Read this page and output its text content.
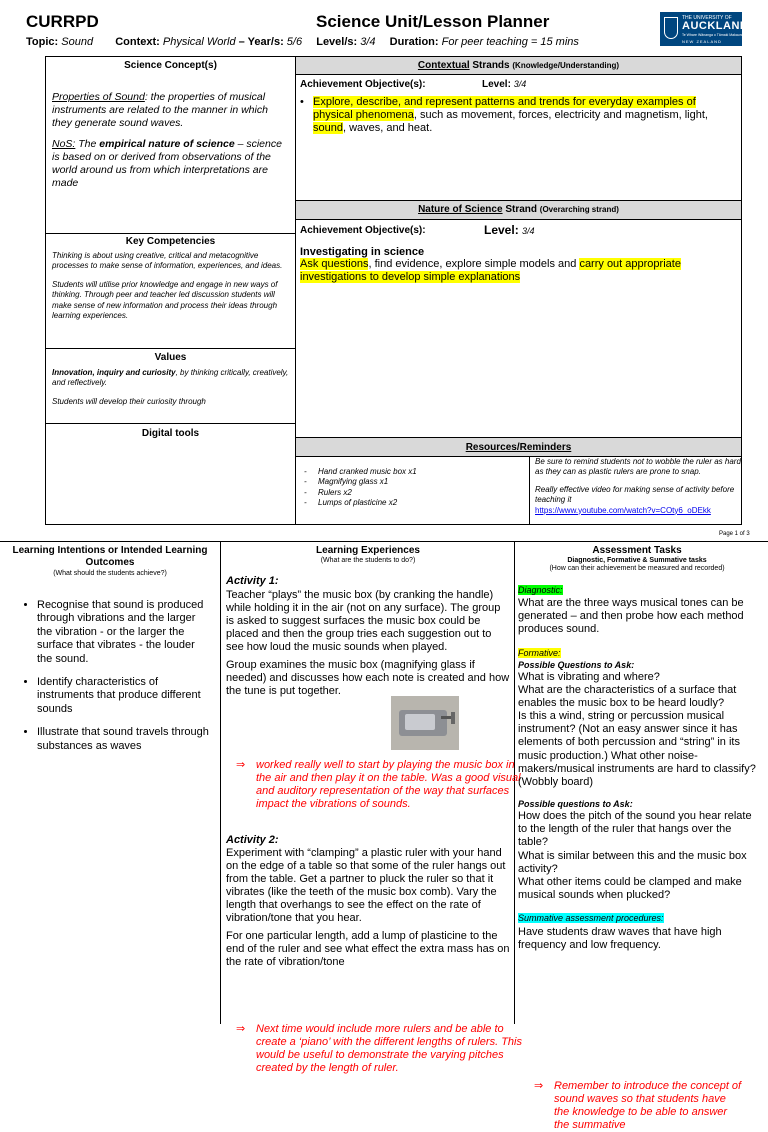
CURRPD	Science Unit/Lesson Planner
Topic: Sound Context: Physical World – Year/s: 5/6 Level/s: 3/4 Duration: For peer teaching = 15 mins
THE UNIVERSITY OF
AUCKLAND
Te Whare Wānanga o Tāmaki Makaurau
NEW ZEALAND
Science Concept(s)
Properties of Sound: the properties of musical instruments are related to the manner in which they generate sound waves.
NoS: The empirical nature of science – science is based on or derived from observations of the world around us from which interpretations are made
Key Competencies
Thinking is about using creative, critical and metacognitive processes to make sense of information, experiences, and ideas.
Students will utilise prior knowledge and engage in new ways of thinking. Through peer and teacher led discussion students will make sense of new information and process their ideas through learning experiences.
Values
Innovation, inquiry and curiosity, by thinking critically, creatively, and reflectively.
Students will develop their curiosity through
Digital tools
Contextual Strands (Knowledge/Understanding)
Achievement Objective(s):	Level: 3/4
• Explore, describe, and represent patterns and trends for everyday examples of physical phenomena, such as movement, forces, electricity and magnetism, light, sound, waves, and heat.
Nature of Science Strand (Overarching strand)
Achievement Objective(s):	Level: 3/4
Investigating in science
Ask questions, find evidence, explore simple models and carry out appropriate investigations to develop simple explanations
Resources/Reminders
- Hand cranked music box x1
- Magnifying glass x1
- Rulers x2
- Lumps of plasticine x2
Be sure to remind students not to wobble the ruler as hard as they can as plastic rulers are prone to snap.
Really effective video for making sense of activity before teaching it
https://www.youtube.com/watch?v=COty6_oDEkk
Page 1 of 3
Learning Intentions or Intended Learning Outcomes
(What should the students achieve?)
• Recognise that sound is produced through vibrations and the larger the vibration - or the larger the surface that vibrates - the louder the sound.
• Identify characteristics of instruments that produce different sounds
• Illustrate that sound travels through substances as waves
Learning Experiences
(What are the students to do?)
Activity 1:
Teacher “plays” the music box (by cranking the handle) while holding it in the air (not on any surface). The group is asked to suggest surfaces the music box could be placed and then the group tries each suggestion out to see how loud the music sounds when played.
Group examines the music box (magnifying glass if needed) and discusses how each note is created and how the tune is put together.
⇒ worked really well to start by playing the music box in the air and then play it on the table. Was a good visual and auditory representation of the way that surfaces impact the vibrations of sounds.
Activity 2:
Experiment with “clamping” a plastic ruler with your hand on the edge of a table so that some of the ruler hangs out from the table. Get a partner to pluck the ruler so that it vibrates (like the teeth of the music box comb). Vary the length that overhangs to see the effect on the rate of vibration/tone that you hear.
For one particular length, add a lump of plasticine to the end of the ruler and see what effect the extra mass has on the rate of vibration/tone
⇒ Next time would include more rulers and be able to create a ‘piano’ with the different lengths of rulers. This would be useful to demonstrate the varying pitches created by the length of ruler.
Assessment Tasks
Diagnostic, Formative & Summative tasks
(How can their achievement be measured and recorded)
Diagnostic:
What are the three ways musical tones can be generated – and then probe how each method produces sound.
Formative:
Possible Questions to Ask:
What is vibrating and where?
What are the characteristics of a surface that enables the music box to be heard loudly?
Is this a wind, string or percussion musical instrument? (Not an easy answer since it has elements of both percussion and “string” in its music production.) What other noise-makers/musical instruments are hard to classify? (Wobbly board)
Possible questions to Ask:
How does the pitch of the sound you hear relate to the length of the ruler that hangs over the table?
What is similar between this and the music box activity?
What other items could be clamped and make musical sounds when plucked?
Summative assessment procedures:
Have students draw waves that have high frequency and low frequency.
⇒ Remember to introduce the concept of sound waves so that students have the knowledge to be able to answer the summative
